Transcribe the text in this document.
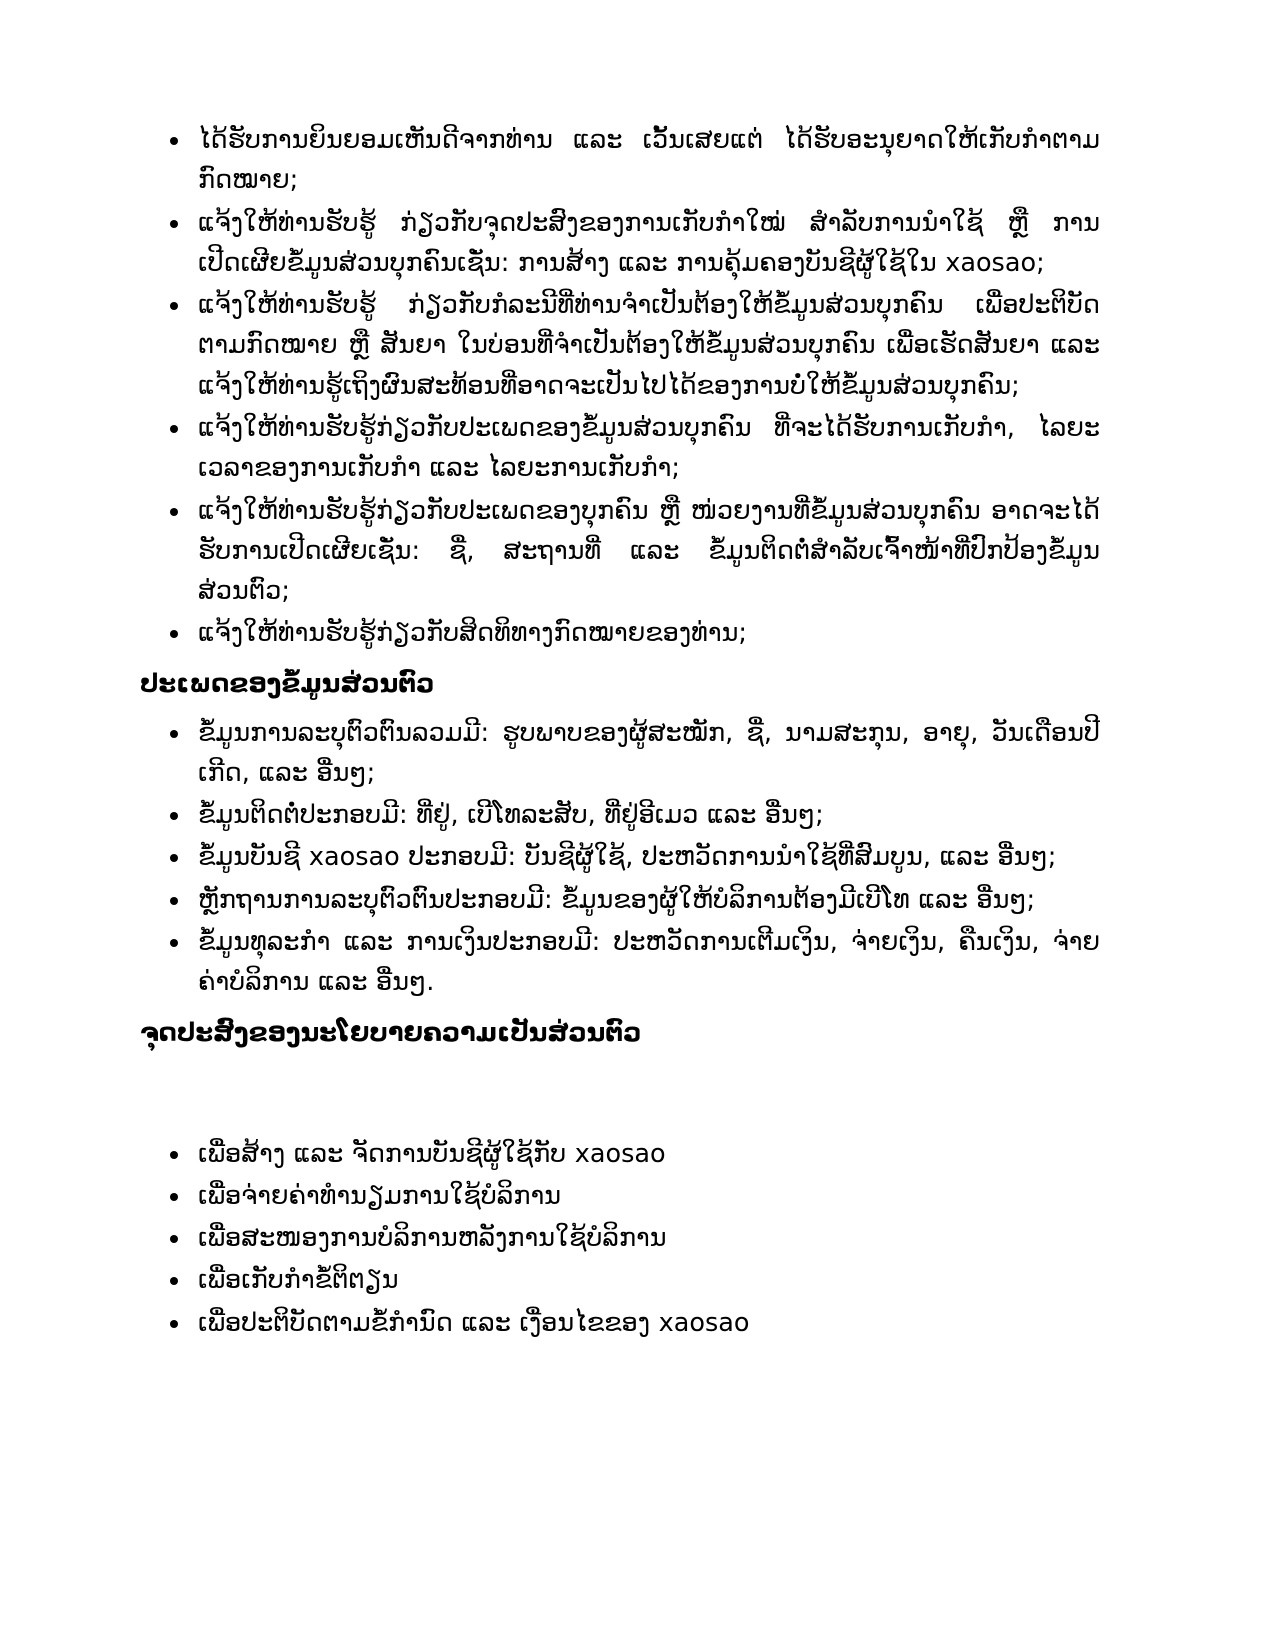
ໄດ້ຮັບການຍິນຍອມເຫັນດີຈາກທ່ານ ແລະ ເວັ້ນເສຍແຕ່ ໄດ້ຮັບອະນຸຍາດໃຫ້ເກັບກຳຕາມກົດໝາຍ;
ແຈ້ງໃຫ້ທ່ານຮັບຮູ້ ກ່ຽວກັບຈຸດປະສົງຂອງການເກັບກຳໃໝ່ ສຳລັບການນຳໃຊ້ ຫຼື ການເປີດເຜີຍຂໍ້ມູນສ່ວນບຸກຄົນເຊັ່ນ: ການສ້າງ ແລະ ການຄຸ້ມຄອງບັນຊີຜູ້ໃຊ້ໃນ xaosao;
ແຈ້ງໃຫ້ທ່ານຮັບຮູ້ ກ່ຽວກັບກໍລະນີທີ່ທ່ານຈຳເປັນຕ້ອງໃຫ້ຂໍ້ມູນສ່ວນບຸກຄົນ ເພື່ອປະຕິບັດຕາມກົດໝາຍ ຫຼື ສັນຍາ ໃນບ່ອນທີ່ຈຳເປັນຕ້ອງໃຫ້ຂໍ້ມູນສ່ວນບຸກຄົນ ເພື່ອເຮັດສັນຍາ ແລະ ແຈ້ງໃຫ້ທ່ານຮູ້ເຖິງຜົນສະທ້ອນທີ່ອາດຈະເປັນໄປໄດ້ຂອງການບໍ່ໃຫ້ຂໍ້ມູນສ່ວນບຸກຄົນ;
ແຈ້ງໃຫ້ທ່ານຮັບຮູ້ກ່ຽວກັບປະເພດຂອງຂໍ້ມູນສ່ວນບຸກຄົນ ທີ່ຈະໄດ້ຮັບການເກັບກຳ, ໄລຍະເວລາຂອງການເກັບກຳ ແລະ ໄລຍະການເກັບກຳ;
ແຈ້ງໃຫ້ທ່ານຮັບຮູ້ກ່ຽວກັບປະເພດຂອງບຸກຄົນ ຫຼື ໜ່ວຍງານທີ່ຂໍ້ມູນສ່ວນບຸກຄົນ ອາດຈະໄດ້ຮັບການເປີດເຜີຍເຊັ່ນ: ຊື່, ສະຖານທີ່ ແລະ ຂໍ້ມູນຕິດຕໍ່ສຳລັບເຈົ້າໜ້າທີ່ປົກປ້ອງຂໍ້ມູນສ່ວນຕົວ;
ແຈ້ງໃຫ້ທ່ານຮັບຮູ້ກ່ຽວກັບສິດທິທາງກົດໝາຍຂອງທ່ານ;
ປະເພດຂອງຂໍ້ມູນສ່ວນຕົວ
ຂໍ້ມູນການລະບຸຕົວຕົນລວມມີ: ຮູບພາບຂອງຜູ້ສະໝັກ, ຊື່, ນາມສະກຸນ, ອາຍຸ, ວັນເດືອນປີເກີດ, ແລະ ອື່ນໆ;
ຂໍ້ມູນຕິດຕໍ່ປະກອບມີ: ທີ່ຢູ່, ເບີໂທລະສັບ, ທີ່ຢູ່ອີເມວ ແລະ ອື່ນໆ;
ຂໍ້ມູນບັນຊີ xaosao ປະກອບມີ: ບັນຊີຜູ້ໃຊ້, ປະຫວັດການນຳໃຊ້ທີ່ສົມບູນ, ແລະ ອື່ນໆ;
ຫຼັກຖານການລະບຸຕົວຕົນປະກອບມີ: ຂໍ້ມູນຂອງຜູ້ໃຫ້ບໍລິການຕ້ອງມີເບີໂທ ແລະ ອື່ນໆ;
ຂໍ້ມູນທຸລະກຳ ແລະ ການເງິນປະກອບມີ: ປະຫວັດການເຕີມເງິນ, ຈ່າຍເງິນ, ຄືນເງິນ, ຈ່າຍຄ່າບໍລິການ ແລະ ອື່ນໆ.
ຈຸດປະສົງຂອງນະໂຍບາຍຄວາມເປັນສ່ວນຕົວ
ເພື່ອສ້າງ ແລະ ຈັດການບັນຊີຜູ້ໃຊ້ກັບ xaosao
ເພື່ອຈ່າຍຄ່າທຳນຽມການໃຊ້ບໍລິການ
ເພື່ອສະໜອງການບໍລິການຫລັງການໃຊ້ບໍລິການ
ເພື່ອເກັບກຳຂໍ້ຕິຕຽນ
ເພື່ອປະຕິບັດຕາມຂໍ້ກຳນົດ ແລະ ເງື່ອນໄຂຂອງ xaosao
